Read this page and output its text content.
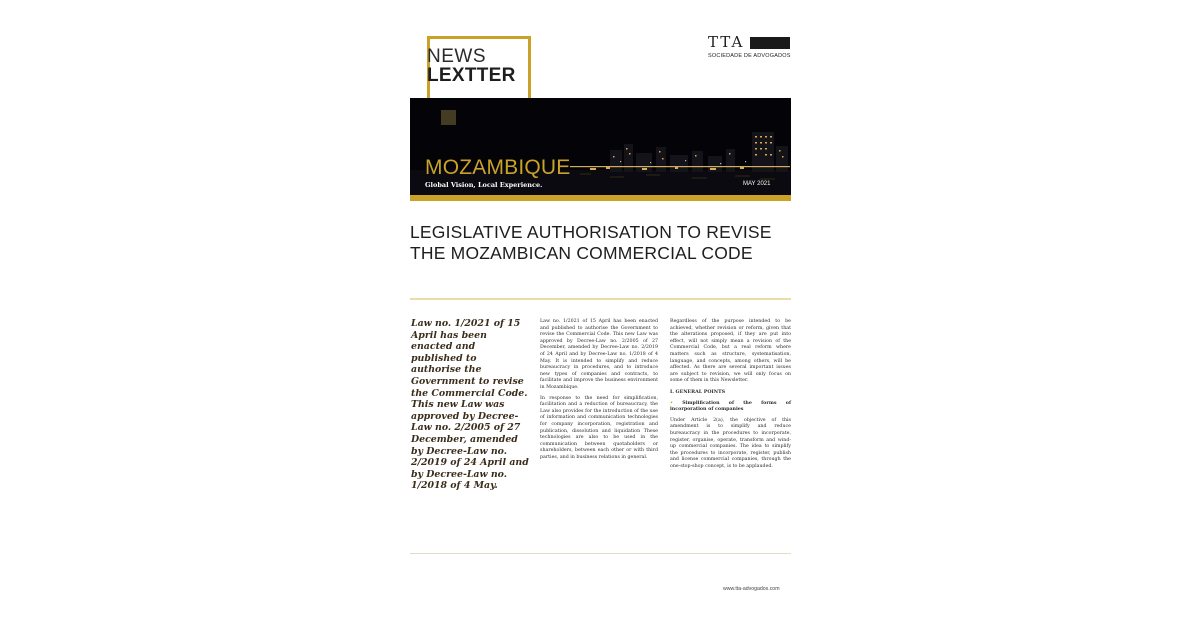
NEWS
LEXTTER
TTA
SOCIEDADE DE ADVOGADOS
MOZAMBIQUE
Global Vision, Local Experience.	MAY 2021
LEGISLATIVE AUTHORISATION TO REVISE
THE MOZAMBICAN COMMERCIAL CODE
Law no. 1/2021 of 15 April has been enacted and published to authorise the Government to revise the Commercial Code. This new Law was approved by Decree-Law no. 2/2005 of 27 December, amended by Decree-Law no. 2/2019 of 24 April and by Decree-Law no. 1/2018 of 4 May.

Law no. 1/2021 of 15 April has been enacted and published to authorise the Government to revise the Commercial Code. This new Law was approved by Decree-Law no. 2/2005 of 27 December, amended by Decree-Law no. 2/2019 of 24 April and by Decree-Law no. 1/2018 of 4 May. It is intended to simplify and reduce bureaucracy in procedures, and to introduce new types of companies and contracts, to facilitate and improve the business environment in Mozambique.

In response to the need for simplification, facilitation and a reduction of bureaucracy, the Law also provides for the introduction of the use of information and communication technologies for company incorporation, registration and publication, dissolution and liquidation These technologies are also to be used in the communication between quotaholders or shareholders, between each other or with third parties, and in business relations in general.

Regardless of the purpose intended to be achieved, whether revision or reform, given that the alterations proposed, if they are put into effect, will not simply mean a revision of the Commercial Code, but a real reform where matters such as structure, systematisation, language, and concepts, among others, will be affected. As there are several important issues are subject to revision, we will only focus on some of them in this Newsletter.

I. GENERAL POINTS

• Simplification of the forms of incorporation of companies

Under Article 2(a), the objective of this amendment is to simplify and reduce bureaucracy in the procedures to incorporate, register, organise, operate, transform and wind-up commercial companies. The idea to simplify the procedures to incorporate, register, publish and license commercial companies, through the one-stop-shop concept, is to be applauded.

www.tta-advogados.com
